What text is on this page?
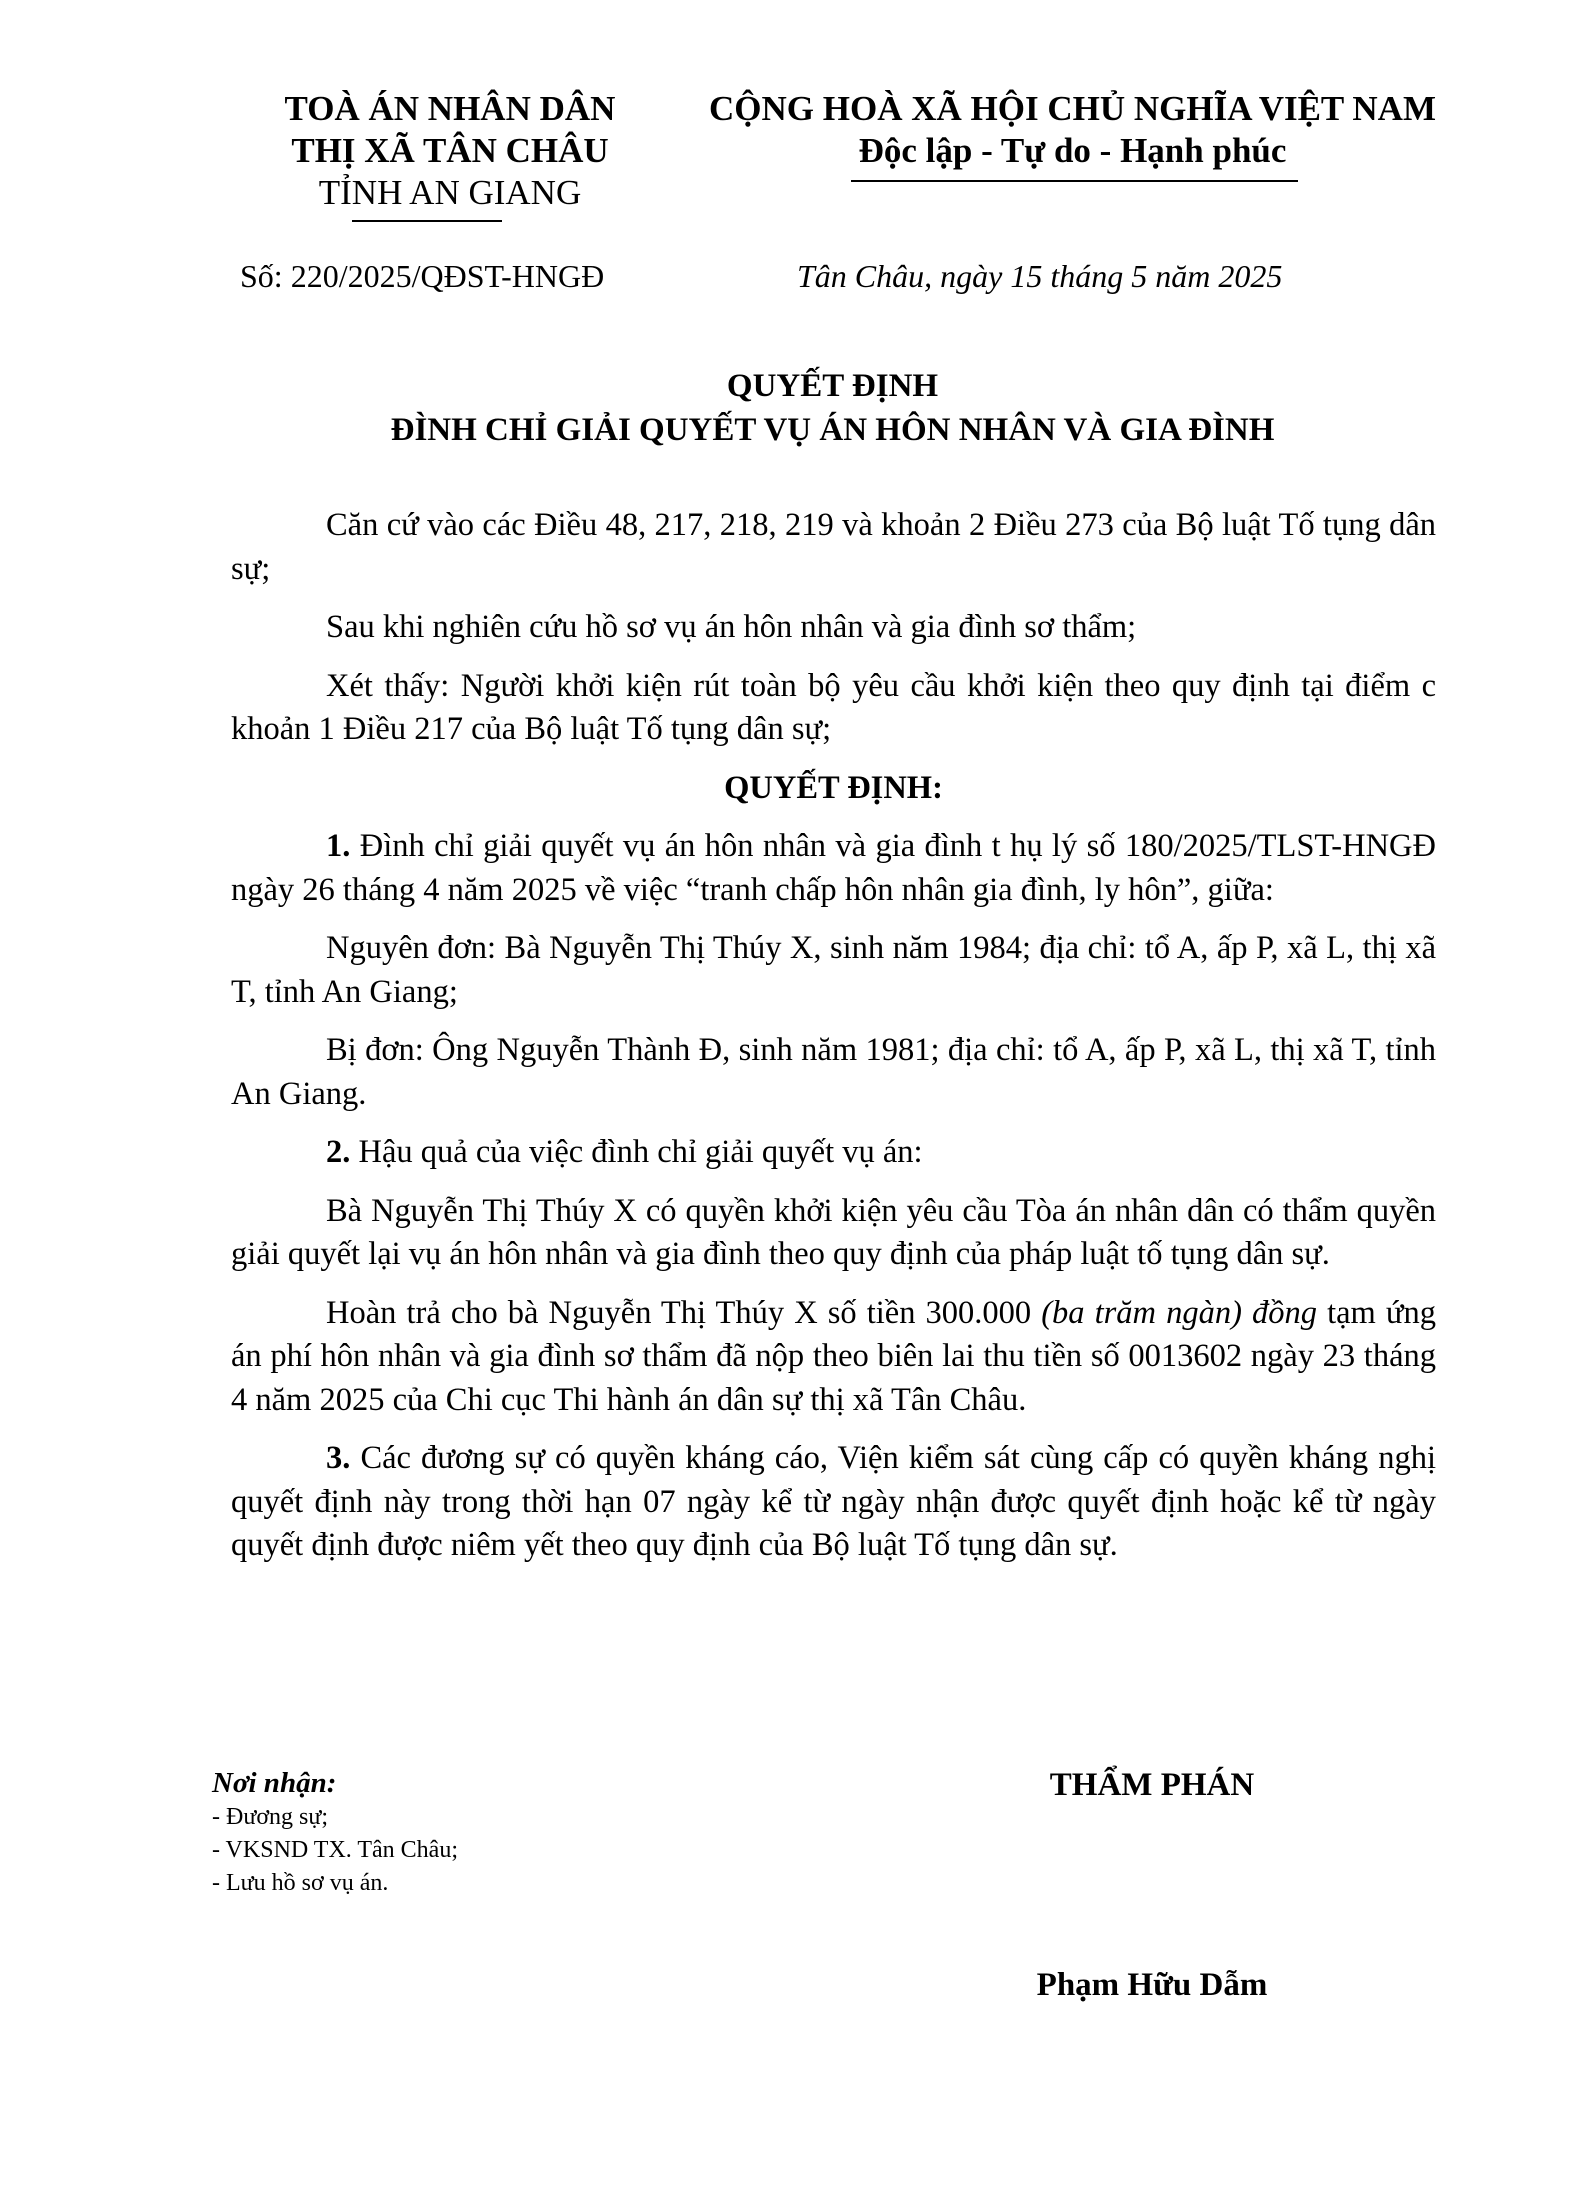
TOÀ ÁN NHÂN DÂN
THỊ XÃ TÂN CHÂU
TỈNH AN GIANG
CỘNG HOÀ XÃ HỘI CHỦ NGHĨA VIỆT NAM
Độc lập - Tự do - Hạnh phúc
Số: 220/2025/QĐST-HNGĐ	Tân Châu, ngày 15 tháng 5 năm 2025
QUYẾT ĐỊNH
ĐÌNH CHỈ GIẢI QUYẾT VỤ ÁN HÔN NHÂN VÀ GIA ĐÌNH

Căn cứ vào các Điều 48, 217, 218, 219 và khoản 2 Điều 273 của Bộ luật Tố tụng dân sự;

Sau khi nghiên cứu hồ sơ vụ án hôn nhân và gia đình sơ thẩm;

Xét thấy: Người khởi kiện rút toàn bộ yêu cầu khởi kiện theo quy định tại điểm c khoản 1 Điều 217 của Bộ luật Tố tụng dân sự;

QUYẾT ĐỊNH:

1. Đình chỉ giải quyết vụ án hôn nhân và gia đình t hụ lý số 180/2025/TLST-HNGĐ ngày 26 tháng 4 năm 2025 về việc “tranh chấp hôn nhân gia đình, ly hôn”, giữa:

Nguyên đơn: Bà Nguyễn Thị Thúy X, sinh năm 1984; địa chỉ: tổ A, ấp P, xã L, thị xã T, tỉnh An Giang;

Bị đơn: Ông Nguyễn Thành Đ, sinh năm 1981; địa chỉ: tổ A, ấp P, xã L, thị xã T, tỉnh An Giang.

2. Hậu quả của việc đình chỉ giải quyết vụ án:

Bà Nguyễn Thị Thúy X có quyền khởi kiện yêu cầu Tòa án nhân dân có thẩm quyền giải quyết lại vụ án hôn nhân và gia đình theo quy định của pháp luật tố tụng dân sự.

Hoàn trả cho bà Nguyễn Thị Thúy X số tiền 300.000 (ba trăm ngàn) đồng tạm ứng án phí hôn nhân và gia đình sơ thẩm đã nộp theo biên lai thu tiền số 0013602 ngày 23 tháng 4 năm 2025 của Chi cục Thi hành án dân sự thị xã Tân Châu.

3. Các đương sự có quyền kháng cáo, Viện kiểm sát cùng cấp có quyền kháng nghị quyết định này trong thời hạn 07 ngày kể từ ngày nhận được quyết định hoặc kể từ ngày quyết định được niêm yết theo quy định của Bộ luật Tố tụng dân sự.

Nơi nhận:
- Đương sự;
- VKSND TX. Tân Châu;
- Lưu hồ sơ vụ án.
THẨM PHÁN
Phạm Hữu Dẫm
